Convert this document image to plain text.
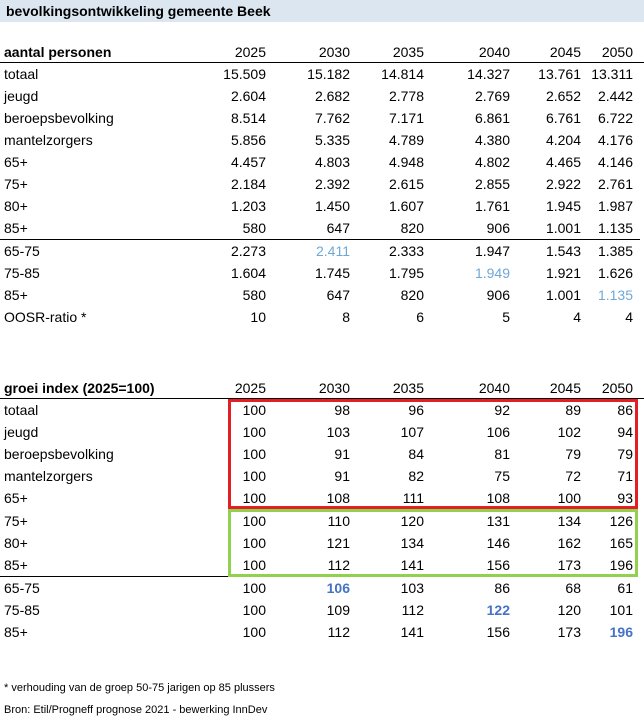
bevolkingsontwikkeling gemeente Beek
aantal personen	2025	2030	2035	2040	2045	2050
totaal	15.509	15.182	14.814	14.327	13.761 13.311
jeugd	2.604	2.682	2.778	2.769	2.652	2.442
beroepsbevolking	8.514	7.762	7.171	6.861	6.761	6.722
mantelzorgers	5.856	5.335	4.789	4.380	4.204	4.176
65+	4.457	4.803	4.948	4.802	4.465	4.146
75+	2.184	2.392	2.615	2.855	2.922	2.761
80+	1.203	1.450	1.607	1.761	1.945	1.987
85+	580	647	820	906	1.001	1.135
65-75	2.273	2.411	2.333	1.947	1.543	1.385
75-85	1.604	1.745	1.795	1.949	1.921	1.626
85+	580	647	820	906	1.001	1.135
OOSR-ratio *	10	8	6	5	4	4
groei index (2025=100)	2025	2030	2035	2040	2045	2050
totaal	100	98	96	92	89	86
jeugd	100	103	107	106	102	94
beroepsbevolking	100	91	84	81	79	79
mantelzorgers	100	91	82	75	72	71
65+	100	108	111	108	100	93
75+	100	110	120	131	134	126
80+	100	121	134	146	162	165
85+	100	112	141	156	173	196
65-75	100	106	103	86	68	61
75-85	100	109	112	122	120	101
85+	100	112	141	156	173	196
* verhouding van de groep 50-75 jarigen op 85 plussers
Bron: Etil/Progneff prognose 2021 - bewerking InnDev
